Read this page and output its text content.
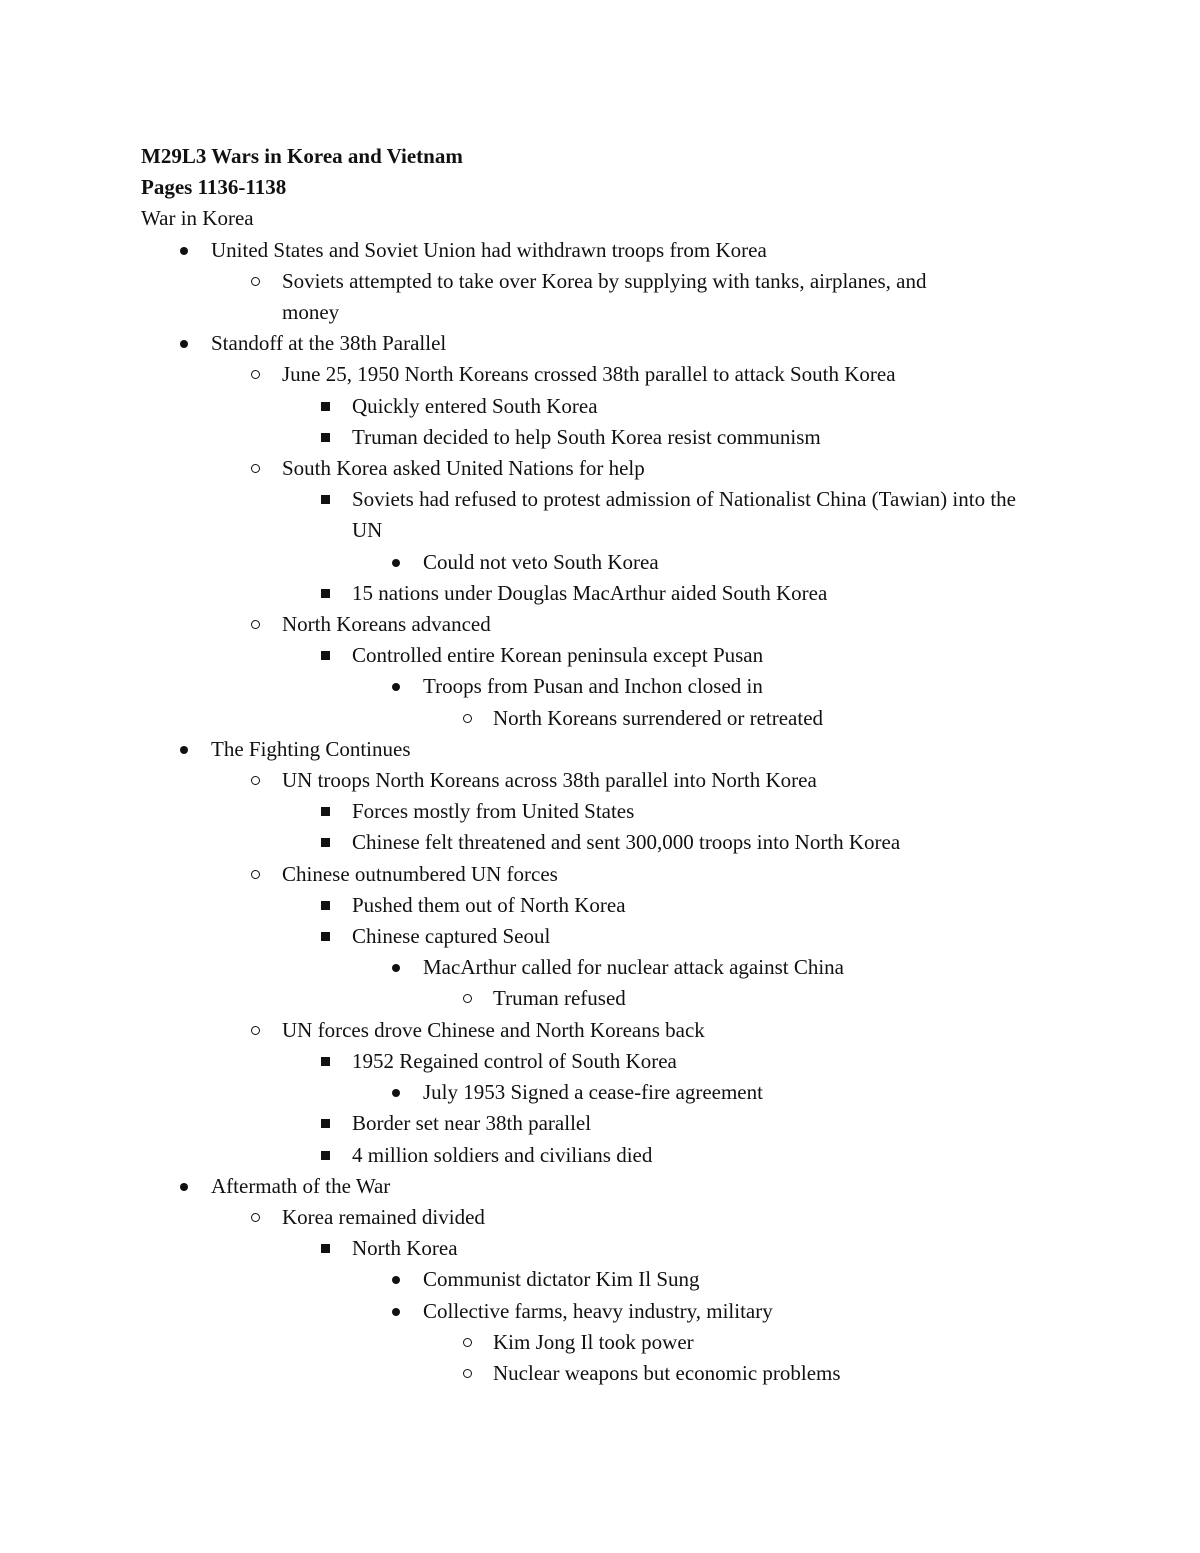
M29L3 Wars in Korea and Vietnam
Pages 1136-1138
War in Korea
United States and Soviet Union had withdrawn troops from Korea
Soviets attempted to take over Korea by supplying with tanks, airplanes, and money
Standoff at the 38th Parallel
June 25, 1950 North Koreans crossed 38th parallel to attack South Korea
Quickly entered South Korea
Truman decided to help South Korea resist communism
South Korea asked United Nations for help
Soviets had refused to protest admission of Nationalist China (Tawian) into the UN
Could not veto South Korea
15 nations under Douglas MacArthur aided South Korea
North Koreans advanced
Controlled entire Korean peninsula except Pusan
Troops from Pusan and Inchon closed in
North Koreans surrendered or retreated
The Fighting Continues
UN troops North Koreans across 38th parallel into North Korea
Forces mostly from United States
Chinese felt threatened and sent 300,000 troops into North Korea
Chinese outnumbered UN forces
Pushed them out of North Korea
Chinese captured Seoul
MacArthur called for nuclear attack against China
Truman refused
UN forces drove Chinese and North Koreans back
1952 Regained control of South Korea
July 1953 Signed a cease-fire agreement
Border set near 38th parallel
4 million soldiers and civilians died
Aftermath of the War
Korea remained divided
North Korea
Communist dictator Kim Il Sung
Collective farms, heavy industry, military
Kim Jong Il took power
Nuclear weapons but economic problems
